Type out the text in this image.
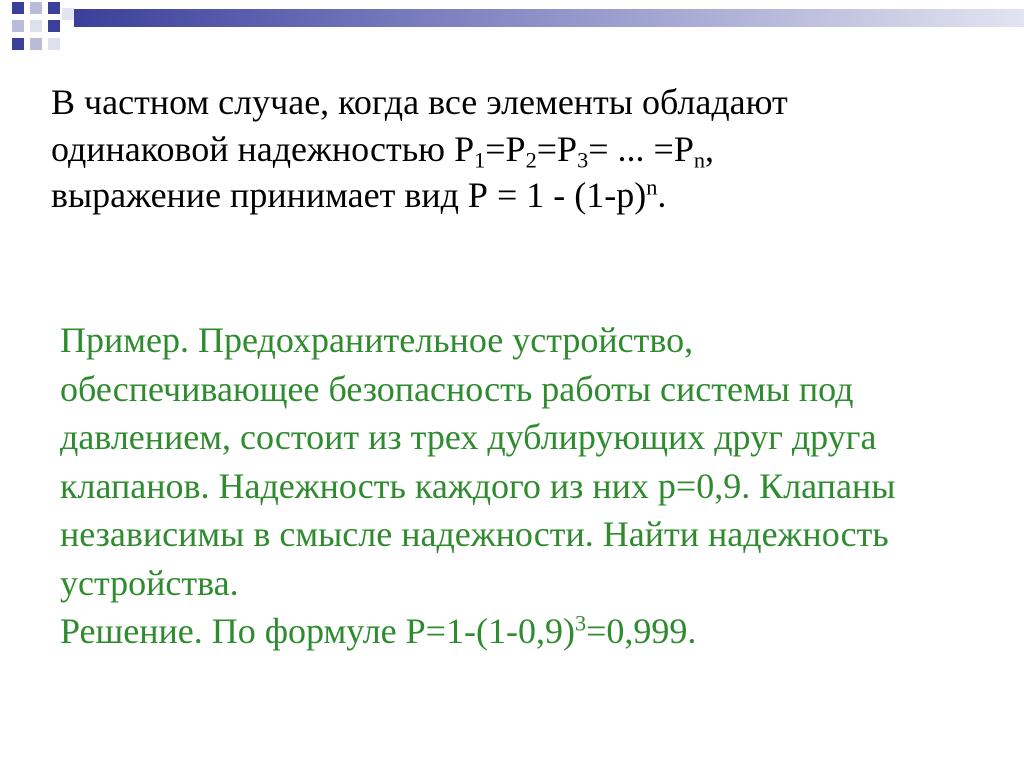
В частном случае, когда все элементы обладают
одинаковой надежностью $P_1=P_2=P_3=$ ... $=P_n$,
выражение принимает вид $Р = 1 - (1-р)^n$.

Пример. Предохранительное устройство,
обеспечивающее безопасность работы системы под
давлением, состоит из трех дублирующих друг друга
клапанов. Надежность каждого из них р=0,9. Клапаны
независимы в смысле надежности. Найти надежность
устройства.
Решение. По формуле $Р=1-(1-0,9)^3=0,999$.
